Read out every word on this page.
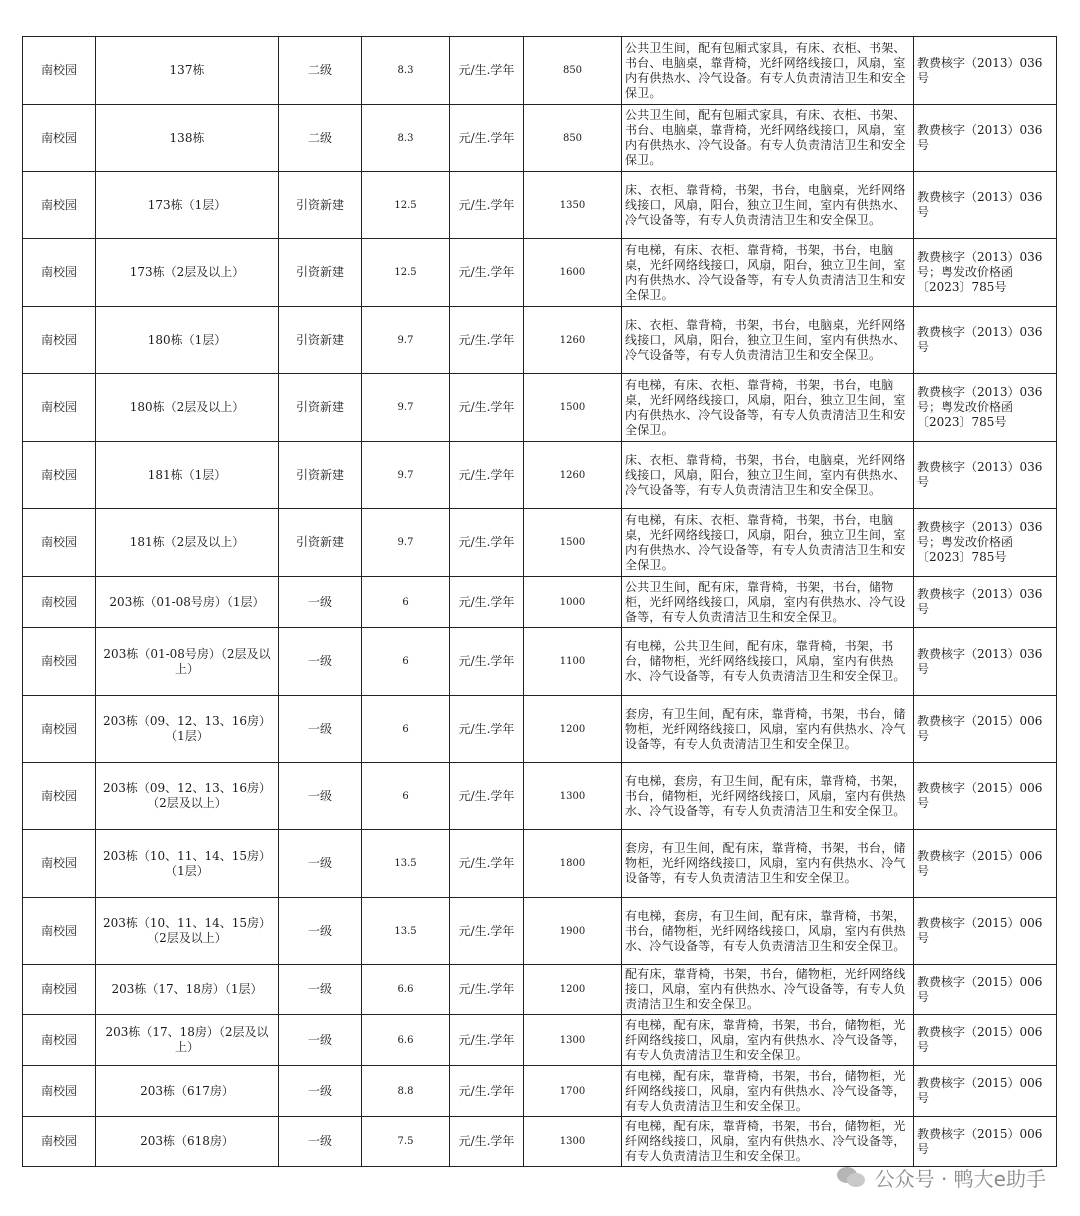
南校园	137栋	二级	8.3	元/生.学年	850	公共卫生间，配有包厢式家具，有床、衣柜、书架、书台、电脑桌，靠背椅，光纤网络线接口，风扇，室内有供热水、冷气设备。有专人负责清洁卫生和安全保卫。	教费核字（2013）036号
南校园	138栋	二级	8.3	元/生.学年	850	公共卫生间，配有包厢式家具，有床、衣柜、书架、书台、电脑桌，靠背椅，光纤网络线接口，风扇，室内有供热水、冷气设备。有专人负责清洁卫生和安全保卫。	教费核字（2013）036号
南校园	173栋（1层）	引资新建	12.5	元/生.学年	1350	床、衣柜、靠背椅，书架，书台，电脑桌，光纤网络线接口，风扇，阳台，独立卫生间，室内有供热水、冷气设备等，有专人负责清洁卫生和安全保卫。	教费核字（2013）036号
南校园	173栋（2层及以上）	引资新建	12.5	元/生.学年	1600	有电梯，有床、衣柜、靠背椅，书架，书台，电脑桌，光纤网络线接口，风扇，阳台，独立卫生间，室内有供热水、冷气设备等，有专人负责清洁卫生和安全保卫。	教费核字（2013）036号；粤发改价格函〔2023〕785号
南校园	180栋（1层）	引资新建	9.7	元/生.学年	1260	床、衣柜、靠背椅，书架，书台，电脑桌，光纤网络线接口，风扇，阳台，独立卫生间，室内有供热水、冷气设备等，有专人负责清洁卫生和安全保卫。	教费核字（2013）036号
南校园	180栋（2层及以上）	引资新建	9.7	元/生.学年	1500	有电梯，有床、衣柜、靠背椅，书架，书台，电脑桌，光纤网络线接口，风扇，阳台，独立卫生间，室内有供热水、冷气设备等，有专人负责清洁卫生和安全保卫。	教费核字（2013）036号；粤发改价格函〔2023〕785号
南校园	181栋（1层）	引资新建	9.7	元/生.学年	1260	床、衣柜、靠背椅，书架，书台，电脑桌，光纤网络线接口，风扇，阳台，独立卫生间，室内有供热水、冷气设备等，有专人负责清洁卫生和安全保卫。	教费核字（2013）036号
南校园	181栋（2层及以上）	引资新建	9.7	元/生.学年	1500	有电梯，有床、衣柜、靠背椅，书架，书台，电脑桌，光纤网络线接口，风扇，阳台，独立卫生间，室内有供热水、冷气设备等，有专人负责清洁卫生和安全保卫。	教费核字（2013）036号；粤发改价格函〔2023〕785号
南校园	203栋（01-08号房）（1层）	一级	6	元/生.学年	1000	公共卫生间，配有床，靠背椅，书架，书台，储物柜，光纤网络线接口，风扇，室内有供热水、冷气设备等，有专人负责清洁卫生和安全保卫。	教费核字（2013）036号
南校园	203栋（01-08号房）（2层及以上）	一级	6	元/生.学年	1100	有电梯，公共卫生间，配有床，靠背椅，书架，书台，储物柜，光纤网络线接口，风扇，室内有供热水、冷气设备等，有专人负责清洁卫生和安全保卫。	教费核字（2013）036号
南校园	203栋（09、12、13、16房）（1层）	一级	6	元/生.学年	1200	套房，有卫生间，配有床，靠背椅，书架，书台，储物柜，光纤网络线接口，风扇，室内有供热水、冷气设备等，有专人负责清洁卫生和安全保卫。	教费核字（2015）006号
南校园	203栋（09、12、13、16房）（2层及以上）	一级	6	元/生.学年	1300	有电梯，套房，有卫生间，配有床，靠背椅，书架，书台，储物柜，光纤网络线接口，风扇，室内有供热水、冷气设备等，有专人负责清洁卫生和安全保卫。	教费核字（2015）006号
南校园	203栋（10、11、14、15房）（1层）	一级	13.5	元/生.学年	1800	套房，有卫生间，配有床，靠背椅，书架，书台，储物柜，光纤网络线接口，风扇，室内有供热水、冷气设备等，有专人负责清洁卫生和安全保卫。	教费核字（2015）006号
南校园	203栋（10、11、14、15房）（2层及以上）	一级	13.5	元/生.学年	1900	有电梯，套房，有卫生间，配有床，靠背椅，书架，书台，储物柜，光纤网络线接口，风扇，室内有供热水、冷气设备等，有专人负责清洁卫生和安全保卫。	教费核字（2015）006号
南校园	203栋（17、18房）（1层）	一级	6.6	元/生.学年	1200	配有床，靠背椅，书架，书台，储物柜，光纤网络线接口，风扇，室内有供热水、冷气设备等，有专人负责清洁卫生和安全保卫。	教费核字（2015）006号
南校园	203栋（17、18房）（2层及以上）	一级	6.6	元/生.学年	1300	有电梯，配有床，靠背椅，书架，书台，储物柜，光纤网络线接口，风扇，室内有供热水、冷气设备等，有专人负责清洁卫生和安全保卫。	教费核字（2015）006号
南校园	203栋（617房）	一级	8.8	元/生.学年	1700	有电梯，配有床，靠背椅，书架，书台，储物柜，光纤网络线接口，风扇，室内有供热水、冷气设备等，有专人负责清洁卫生和安全保卫。	教费核字（2015）006号
南校园	203栋（618房）	一级	7.5	元/生.学年	1300	有电梯，配有床，靠背椅，书架，书台，储物柜，光纤网络线接口，风扇，室内有供热水、冷气设备等，有专人负责清洁卫生和安全保卫。	教费核字（2015）006号
公众号 · 鸭大e助手
